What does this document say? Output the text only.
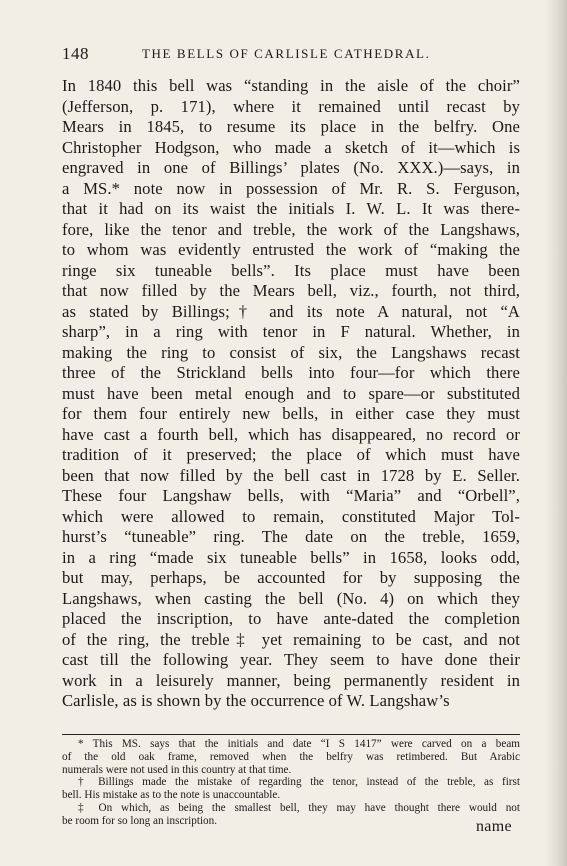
148	THE BELLS OF CARLISLE CATHEDRAL.
In 1840 this bell was “standing in the aisle of the choir”
(Jefferson, p. 171), where it remained until recast by
Mears in 1845, to resume its place in the belfry. One
Christopher Hodgson, who made a sketch of it—which is
engraved in one of Billings’ plates (No. XXX.)—says, in
a MS.* note now in possession of Mr. R. S. Ferguson,
that it had on its waist the initials I. W. L. It was there-
fore, like the tenor and treble, the work of the Langshaws,
to whom was evidently entrusted the work of “making the
ringe six tuneable bells”. Its place must have been
that now filled by the Mears bell, viz., fourth, not third,
as stated by Billings;† and its note A natural, not “A
sharp”, in a ring with tenor in F natural. Whether, in
making the ring to consist of six, the Langshaws recast
three of the Strickland bells into four—for which there
must have been metal enough and to spare—or substituted
for them four entirely new bells, in either case they must
have cast a fourth bell, which has disappeared, no record or
tradition of it preserved; the place of which must have
been that now filled by the bell cast in 1728 by E. Seller.
These four Langshaw bells, with “Maria” and “Orbell”,
which were allowed to remain, constituted Major Tol-
hurst’s “tuneable” ring. The date on the treble, 1659,
in a ring “made six tuneable bells” in 1658, looks odd,
but may, perhaps, be accounted for by supposing the
Langshaws, when casting the bell (No. 4) on which they
placed the inscription, to have ante-dated the completion
of the ring, the treble‡ yet remaining to be cast, and not
cast till the following year. They seem to have done their
work in a leisurely manner, being permanently resident in
Carlisle, as is shown by the occurrence of W. Langshaw’s
* This MS. says that the initials and date “I S 1417” were carved on a beam
of the old oak frame, removed when the belfry was retimbered. But Arabic
numerals were not used in this country at that time.
† Billings made the mistake of regarding the tenor, instead of the treble, as first
bell. His mistake as to the note is unaccountable.
‡ On which, as being the smallest bell, they may have thought there would not
be room for so long an inscription.	name
